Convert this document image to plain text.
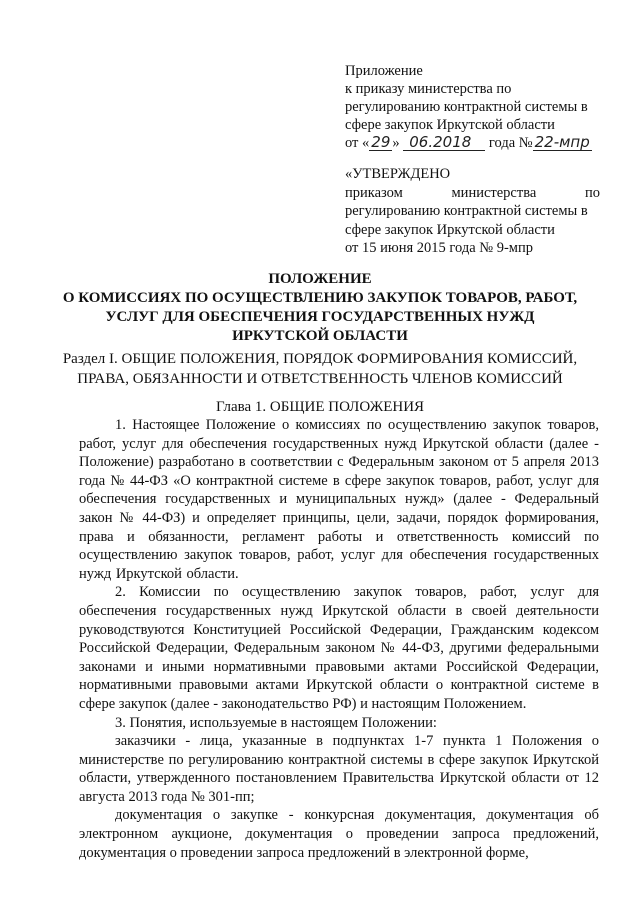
Приложение
к приказу министерства по
регулированию контрактной системы в
сфере закупок Иркутской области
от « 29 » 06.2018 года № 22-мпр
«УТВЕРЖДЕНО
приказом министерства по
регулированию контрактной системы в
сфере закупок Иркутской области
от 15 июня 2015 года № 9-мпр
ПОЛОЖЕНИЕ
О КОМИССИЯХ ПО ОСУЩЕСТВЛЕНИЮ ЗАКУПОК ТОВАРОВ, РАБОТ,
УСЛУГ ДЛЯ ОБЕСПЕЧЕНИЯ ГОСУДАРСТВЕННЫХ НУЖД
ИРКУТСКОЙ ОБЛАСТИ
Раздел I. ОБЩИЕ ПОЛОЖЕНИЯ, ПОРЯДОК ФОРМИРОВАНИЯ КОМИССИЙ,
ПРАВА, ОБЯЗАННОСТИ И ОТВЕТСТВЕННОСТЬ ЧЛЕНОВ КОМИССИЙ
Глава 1. ОБЩИЕ ПОЛОЖЕНИЯ

1. Настоящее Положение о комиссиях по осуществлению закупок товаров, работ, услуг для обеспечения государственных нужд Иркутской области (далее - Положение) разработано в соответствии с Федеральным законом от 5 апреля 2013 года № 44-ФЗ «О контрактной системе в сфере закупок товаров, работ, услуг для обеспечения государственных и муниципальных нужд» (далее - Федеральный закон № 44-ФЗ) и определяет принципы, цели, задачи, порядок формирования, права и обязанности, регламент работы и ответственность комиссий по осуществлению закупок товаров, работ, услуг для обеспечения государственных нужд Иркутской области.

2. Комиссии по осуществлению закупок товаров, работ, услуг для обеспечения государственных нужд Иркутской области в своей деятельности руководствуются Конституцией Российской Федерации, Гражданским кодексом Российской Федерации, Федеральным законом № 44-ФЗ, другими федеральными законами и иными нормативными правовыми актами Российской Федерации, нормативными правовыми актами Иркутской области о контрактной системе в сфере закупок (далее - законодательство РФ) и настоящим Положением.

3. Понятия, используемые в настоящем Положении:

заказчики - лица, указанные в подпунктах 1-7 пункта 1 Положения о министерстве по регулированию контрактной системы в сфере закупок Иркутской области, утвержденного постановлением Правительства Иркутской области от 12 августа 2013 года № 301-пп;

документация о закупке - конкурсная документация, документация об электронном аукционе, документация о проведении запроса предложений, документация о проведении запроса предложений в электронной форме,
